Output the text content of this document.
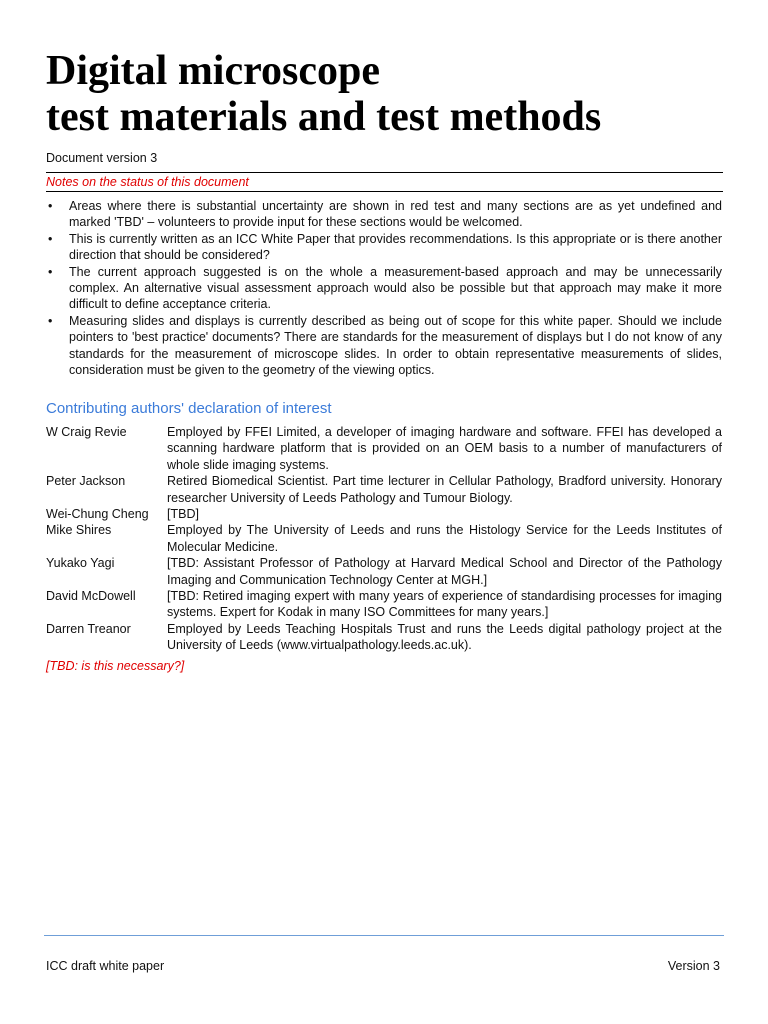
Digital microscope
test materials and test methods
Document version 3
Notes on the status of this document
• Areas where there is substantial uncertainty are shown in red test and many sections are as yet undefined and marked 'TBD' – volunteers to provide input for these sections would be welcomed.
• This is currently written as an ICC White Paper that provides recommendations. Is this appropriate or is there another direction that should be considered?
• The current approach suggested is on the whole a measurement-based approach and may be unnecessarily complex. An alternative visual assessment approach would also be possible but that approach may make it more difficult to define acceptance criteria.
• Measuring slides and displays is currently described as being out of scope for this white paper. Should we include pointers to 'best practice' documents? There are standards for the measurement of displays but I do not know of any standards for the measurement of microscope slides. In order to obtain representative measurements of slides, consideration must be given to the geometry of the viewing optics.
Contributing authors' declaration of interest
W Craig Revie	Employed by FFEI Limited, a developer of imaging hardware and software. FFEI has developed a scanning hardware platform that is provided on an OEM basis to a number of manufacturers of whole slide imaging systems.
Peter Jackson	Retired Biomedical Scientist. Part time lecturer in Cellular Pathology, Bradford university. Honorary researcher University of Leeds Pathology and Tumour Biology.
Wei-Chung Cheng	[TBD]
Mike Shires	Employed by The University of Leeds and runs the Histology Service for the Leeds Institutes of Molecular Medicine.
Yukako Yagi	[TBD: Assistant Professor of Pathology at Harvard Medical School and Director of the Pathology Imaging and Communication Technology Center at MGH.]
David McDowell	[TBD: Retired imaging expert with many years of experience of standardising processes for imaging systems. Expert for Kodak in many ISO Committees for many years.]
Darren Treanor	Employed by Leeds Teaching Hospitals Trust and runs the Leeds digital pathology project at the University of Leeds (www.virtualpathology.leeds.ac.uk).
[TBD: is this necessary?]
ICC draft white paper	Version 3
